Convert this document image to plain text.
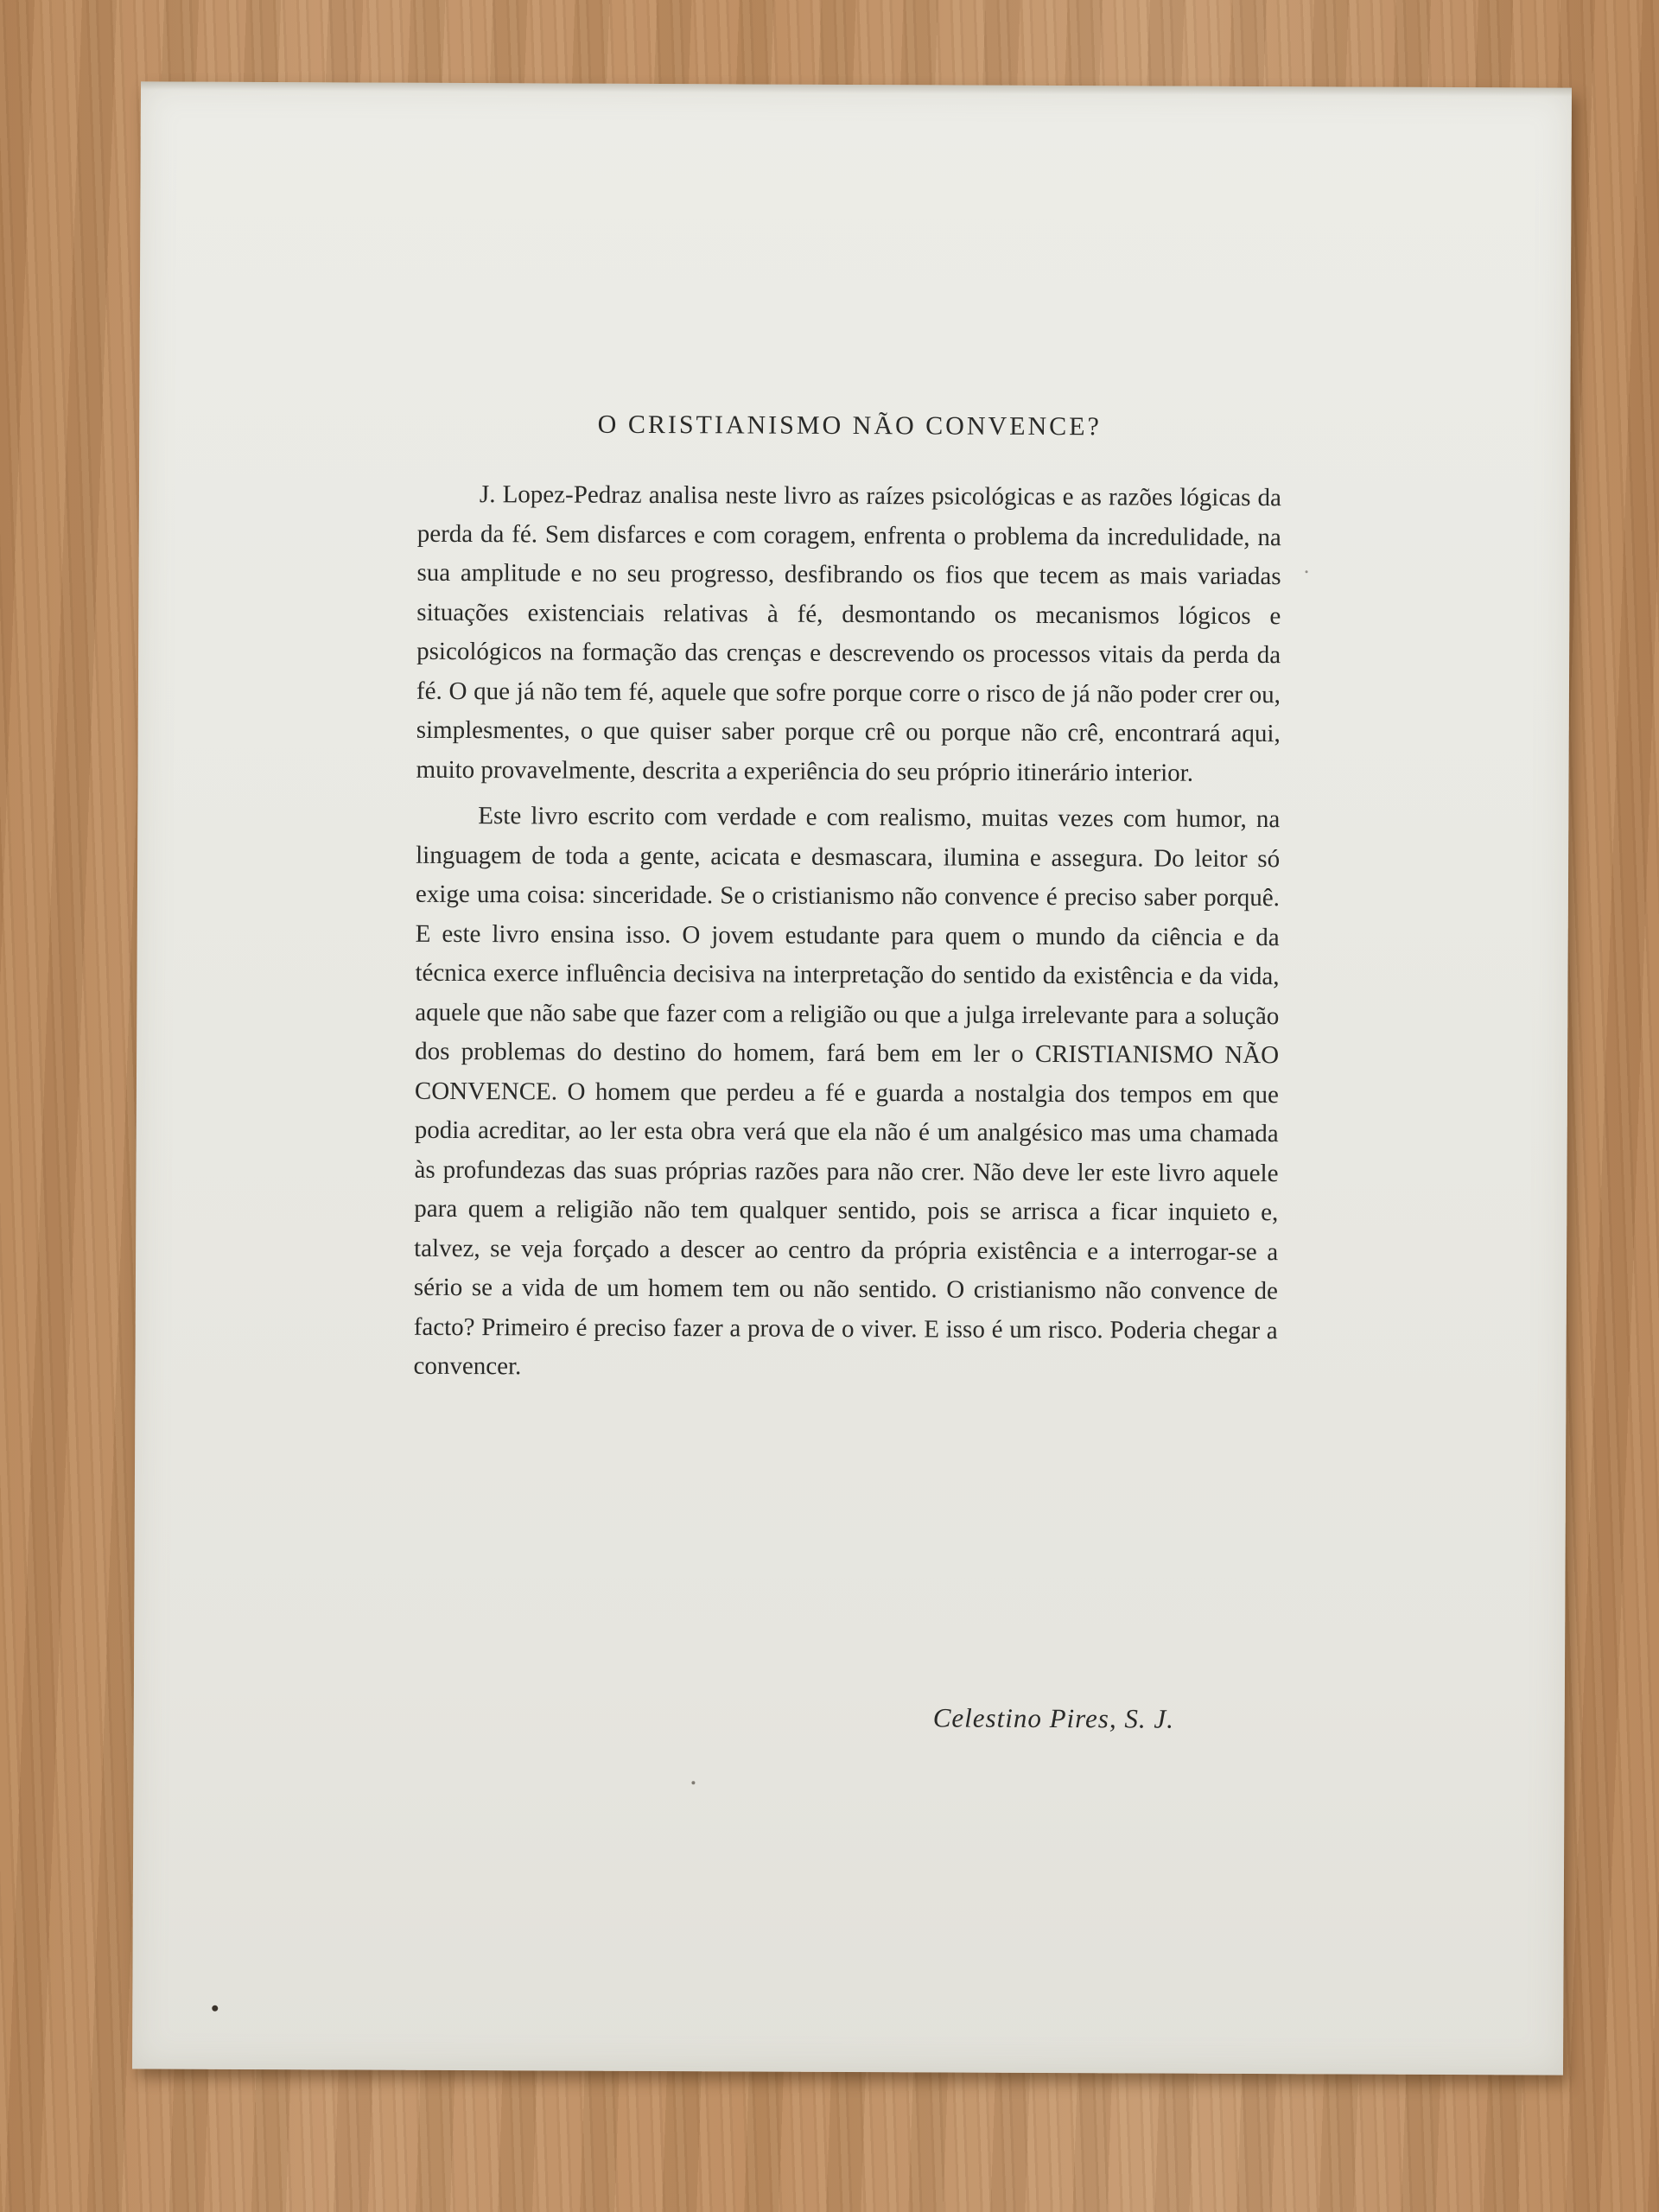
O CRISTIANISMO NÃO CONVENCE?

J. Lopez-Pedraz analisa neste livro as raízes psicológicas e as razões lógicas da perda da fé. Sem disfarces e com coragem, enfrenta o problema da incredulidade, na sua amplitude e no seu progresso, desfibrando os fios que tecem as mais variadas situações existenciais relativas à fé, desmontando os mecanismos lógicos e psicológicos na formação das crenças e descrevendo os processos vitais da perda da fé. O que já não tem fé, aquele que sofre porque corre o risco de já não poder crer ou, simplesmentes, o que quiser saber porque crê ou porque não crê, encontrará aqui, muito provavelmente, descrita a experiência do seu próprio itinerário interior.

Este livro escrito com verdade e com realismo, muitas vezes com humor, na linguagem de toda a gente, acicata e desmascara, ilumina e assegura. Do leitor só exige uma coisa: sinceridade. Se o cristianismo não convence é preciso saber porquê. E este livro ensina isso. O jovem estudante para quem o mundo da ciência e da técnica exerce influência decisiva na interpretação do sentido da existência e da vida, aquele que não sabe que fazer com a religião ou que a julga irrelevante para a solução dos problemas do destino do homem, fará bem em ler o CRISTIANISMO NÃO CONVENCE. O homem que perdeu a fé e guarda a nostalgia dos tempos em que podia acreditar, ao ler esta obra verá que ela não é um analgésico mas uma chamada às profundezas das suas próprias razões para não crer. Não deve ler este livro aquele para quem a religião não tem qualquer sentido, pois se arrisca a ficar inquieto e, talvez, se veja forçado a descer ao centro da própria existência e a interrogar-se a sério se a vida de um homem tem ou não sentido. O cristianismo não convence de facto? Primeiro é preciso fazer a prova de o viver. E isso é um risco. Poderia chegar a convencer.

Celestino Pires, S. J.
